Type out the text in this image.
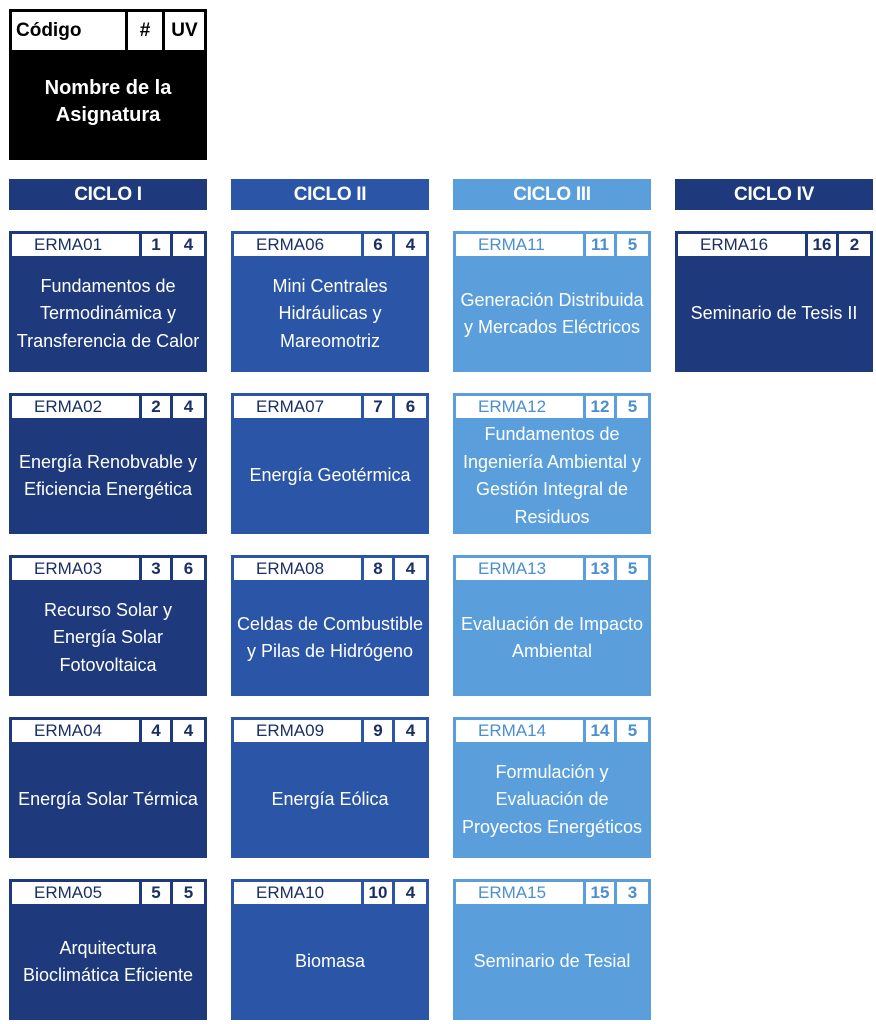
Código	#	UV
Nombre de la Asignatura
CICLO I	CICLO II	CICLO III	CICLO IV
ERMA01	1	4
Fundamentos de Termodinámica y Transferencia de Calor
ERMA02	2	4
Energía Renobvable y Eficiencia Energética
ERMA03	3	6
Recurso Solar y Energía Solar Fotovoltaica
ERMA04	4	4
Energía Solar Térmica
ERMA05	5	5
Arquitectura Bioclimática Eficiente
ERMA06	6	4
Mini Centrales Hidráulicas y Mareomotriz
ERMA07	7	6
Energía Geotérmica
ERMA08	8	4
Celdas de Combustible y Pilas de Hidrógeno
ERMA09	9	4
Energía Eólica
ERMA10	10	4
Biomasa
ERMA11	11	5
Generación Distribuida y Mercados Eléctricos
ERMA12	12	5
Fundamentos de Ingeniería Ambiental y Gestión Integral de Residuos
ERMA13	13	5
Evaluación de Impacto Ambiental
ERMA14	14	5
Formulación y Evaluación de Proyectos Energéticos
ERMA15	15	3
Seminario de Tesial
ERMA16	16	2
Seminario de Tesis II
